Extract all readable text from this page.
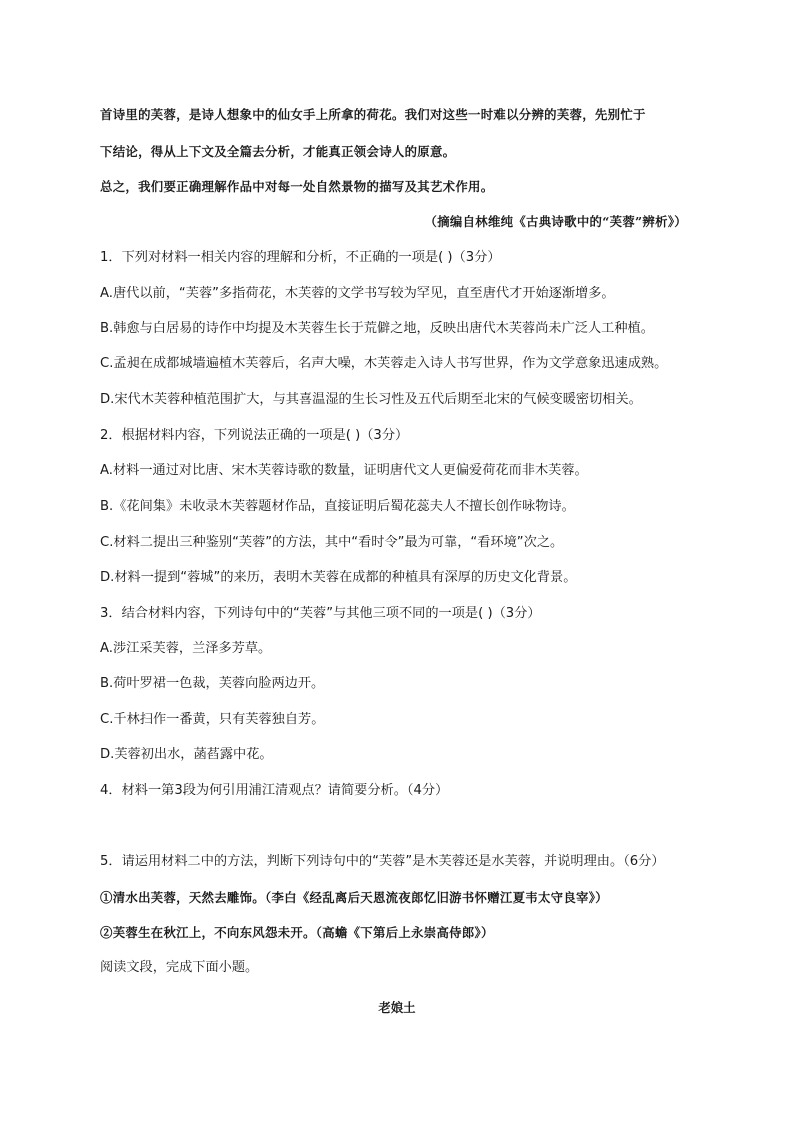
首诗里的芙蓉，是诗人想象中的仙女手上所拿的荷花。我们对这些一时难以分辨的芙蓉，先别忙于
下结论，得从上下文及全篇去分析，才能真正领会诗人的原意。
总之，我们要正确理解作品中对每一处自然景物的描写及其艺术作用。
（摘编自林维纯《古典诗歌中的“芙蓉”辨析》）
1．下列对材料一相关内容的理解和分析，不正确的一项是( )（3分）
A.唐代以前，“芙蓉”多指荷花，木芙蓉的文学书写较为罕见，直至唐代才开始逐渐增多。
B.韩愈与白居易的诗作中均提及木芙蓉生长于荒僻之地，反映出唐代木芙蓉尚未广泛人工种植。
C.孟昶在成都城墙遍植木芙蓉后，名声大噪，木芙蓉走入诗人书写世界，作为文学意象迅速成熟。
D.宋代木芙蓉种植范围扩大，与其喜温湿的生长习性及五代后期至北宋的气候变暖密切相关。
2．根据材料内容，下列说法正确的一项是( )（3分）
A.材料一通过对比唐、宋木芙蓉诗歌的数量，证明唐代文人更偏爱荷花而非木芙蓉。
B.《花间集》未收录木芙蓉题材作品，直接证明后蜀花蕊夫人不擅长创作咏物诗。
C.材料二提出三种鉴别“芙蓉”的方法，其中“看时令”最为可靠，“看环境”次之。
D.材料一提到“蓉城”的来历，表明木芙蓉在成都的种植具有深厚的历史文化背景。
3．结合材料内容，下列诗句中的“芙蓉”与其他三项不同的一项是( )（3分）
A.涉江采芙蓉，兰泽多芳草。
B.荷叶罗裙一色裁，芙蓉向脸两边开。
C.千林扫作一番黄，只有芙蓉独自芳。
D.芙蓉初出水，菡萏露中花。
4．材料一第3段为何引用浦江清观点？请简要分析。（4分）
5．请运用材料二中的方法，判断下列诗句中的“芙蓉”是木芙蓉还是水芙蓉，并说明理由。（6分）
①清水出芙蓉，天然去雕饰。（李白《经乱离后天恩流夜郎忆旧游书怀赠江夏韦太守良宰》）
②芙蓉生在秋江上，不向东风怨未开。（高蟾《下第后上永崇高侍郎》）
阅读文段，完成下面小题。
老娘土
